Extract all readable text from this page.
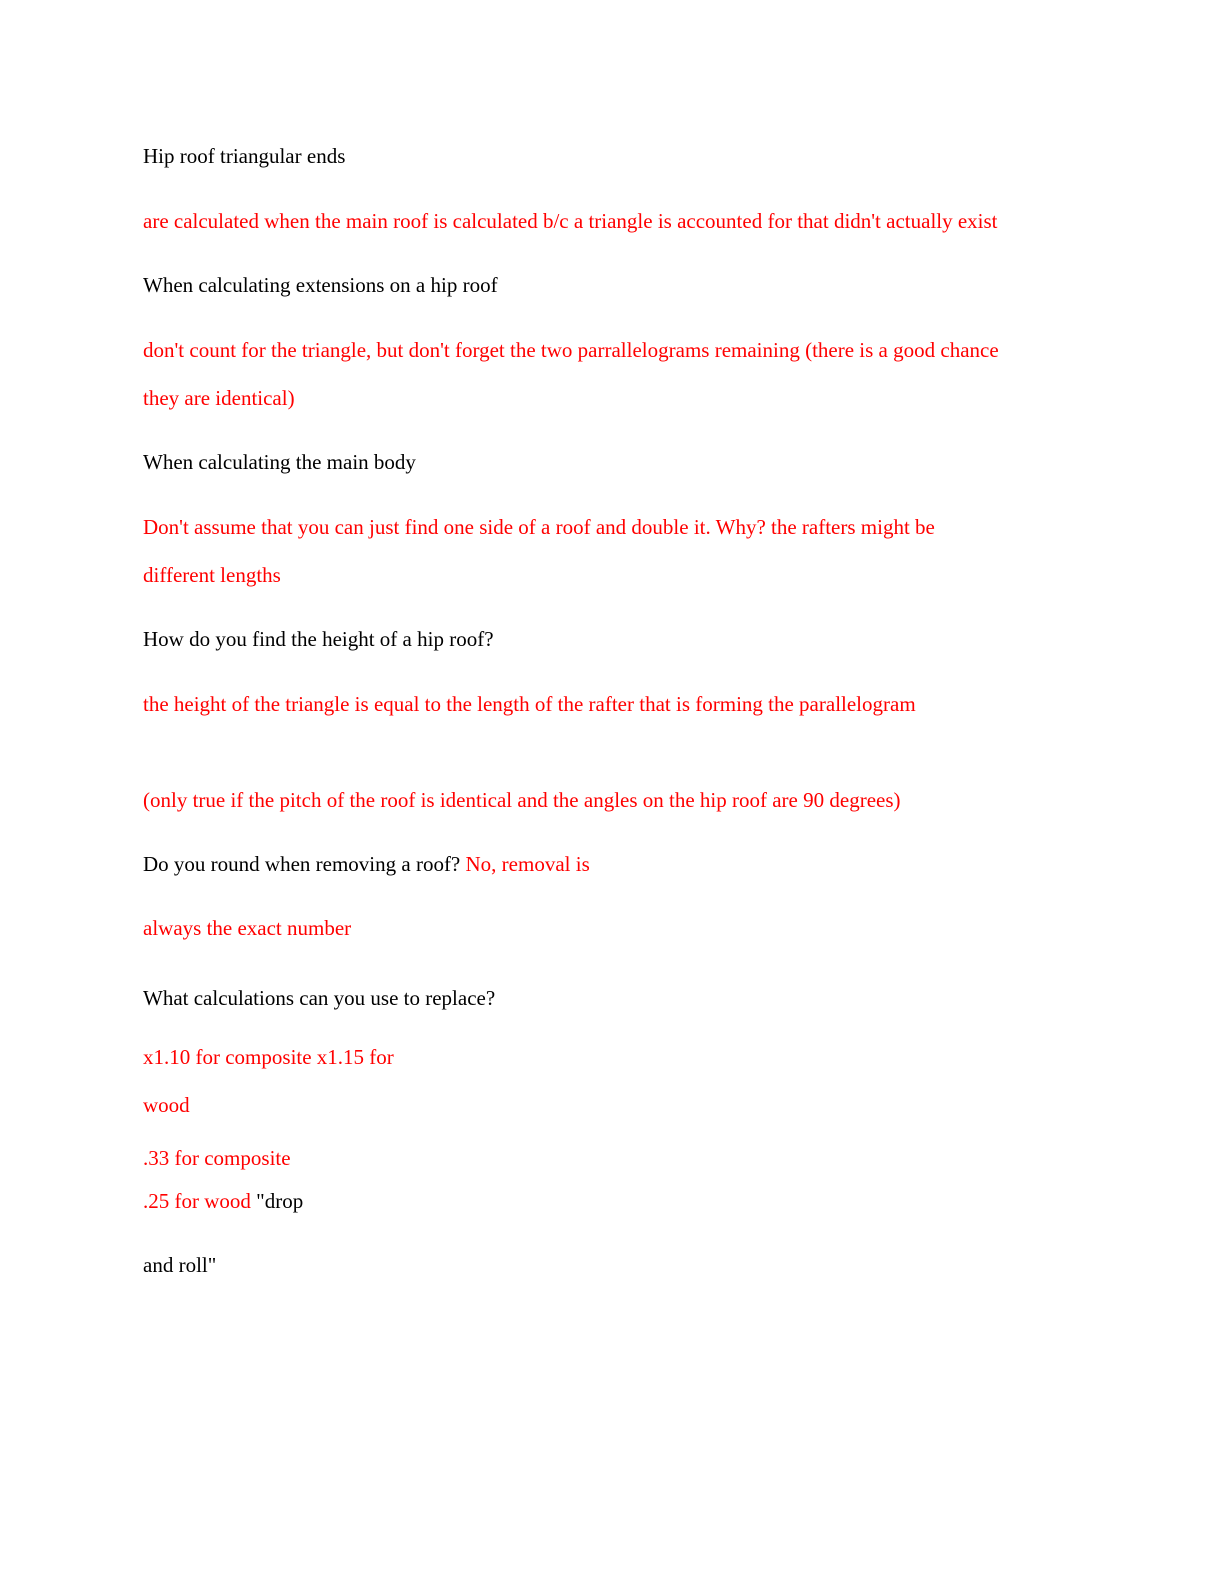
Hip roof triangular ends
are calculated when the main roof is calculated b/c a triangle is accounted for that didn't actually exist
When calculating extensions on a hip roof
don't count for the triangle, but don't forget the two parrallelograms remaining (there is a good chance
they are identical)
When calculating the main body
Don't assume that you can just find one side of a roof and double it. Why? the rafters might be
different lengths
How do you find the height of a hip roof?
the height of the triangle is equal to the length of the rafter that is forming the parallelogram
(only true if the pitch of the roof is identical and the angles on the hip roof are 90 degrees)
Do you round when removing a roof? No, removal is
always the exact number
What calculations can you use to replace?
x1.10 for composite x1.15 for
wood
.33 for composite
.25 for wood "drop
and roll"
